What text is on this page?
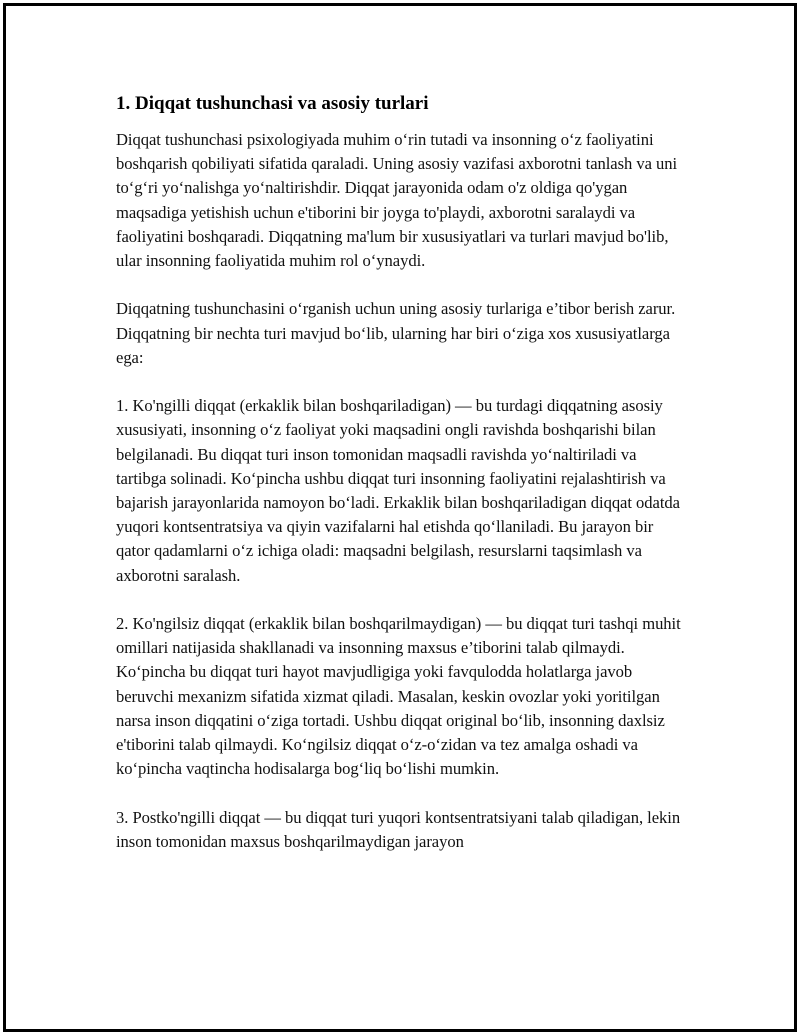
1. Diqqat tushunchasi va asosiy turlari

Diqqat tushunchasi psixologiyada muhim o‘rin tutadi va insonning o‘z faoliyatini boshqarish qobiliyati sifatida qaraladi. Uning asosiy vazifasi axborotni tanlash va uni to‘g‘ri yo‘nalishga yo‘naltirishdir. Diqqat jarayonida odam o'z oldiga qo'ygan maqsadiga yetishish uchun e'tiborini bir joyga to'playdi, axborotni saralaydi va faoliyatini boshqaradi. Diqqatning ma'lum bir xususiyatlari va turlari mavjud bo'lib, ular insonning faoliyatida muhim rol o‘ynaydi.

Diqqatning tushunchasini o‘rganish uchun uning asosiy turlariga e’tibor berish zarur. Diqqatning bir nechta turi mavjud bo‘lib, ularning har biri o‘ziga xos xususiyatlarga ega:

1. Ko'ngilli diqqat (erkaklik bilan boshqariladigan) — bu turdagi diqqatning asosiy xususiyati, insonning o‘z faoliyat yoki maqsadini ongli ravishda boshqarishi bilan belgilanadi. Bu diqqat turi inson tomonidan maqsadli ravishda yo‘naltiriladi va tartibga solinadi. Ko‘pincha ushbu diqqat turi insonning faoliyatini rejalashtirish va bajarish jarayonlarida namoyon bo‘ladi. Erkaklik bilan boshqariladigan diqqat odatda yuqori kontsentratsiya va qiyin vazifalarni hal etishda qo‘llaniladi. Bu jarayon bir qator qadamlarni o‘z ichiga oladi: maqsadni belgilash, resurslarni taqsimlash va axborotni saralash.

2. Ko'ngilsiz diqqat (erkaklik bilan boshqarilmaydigan) — bu diqqat turi tashqi muhit omillari natijasida shakllanadi va insonning maxsus e’tiborini talab qilmaydi. Ko‘pincha bu diqqat turi hayot mavjudligiga yoki favqulodda holatlarga javob beruvchi mexanizm sifatida xizmat qiladi. Masalan, keskin ovozlar yoki yoritilgan narsa inson diqqatini o‘ziga tortadi. Ushbu diqqat original bo‘lib, insonning daxlsiz e'tiborini talab qilmaydi. Ko‘ngilsiz diqqat o‘z-o‘zidan va tez amalga oshadi va ko‘pincha vaqtincha hodisalarga bog‘liq bo‘lishi mumkin.

3. Postko'ngilli diqqat — bu diqqat turi yuqori kontsentratsiyani talab qiladigan, lekin inson tomonidan maxsus boshqarilmaydigan jarayon
